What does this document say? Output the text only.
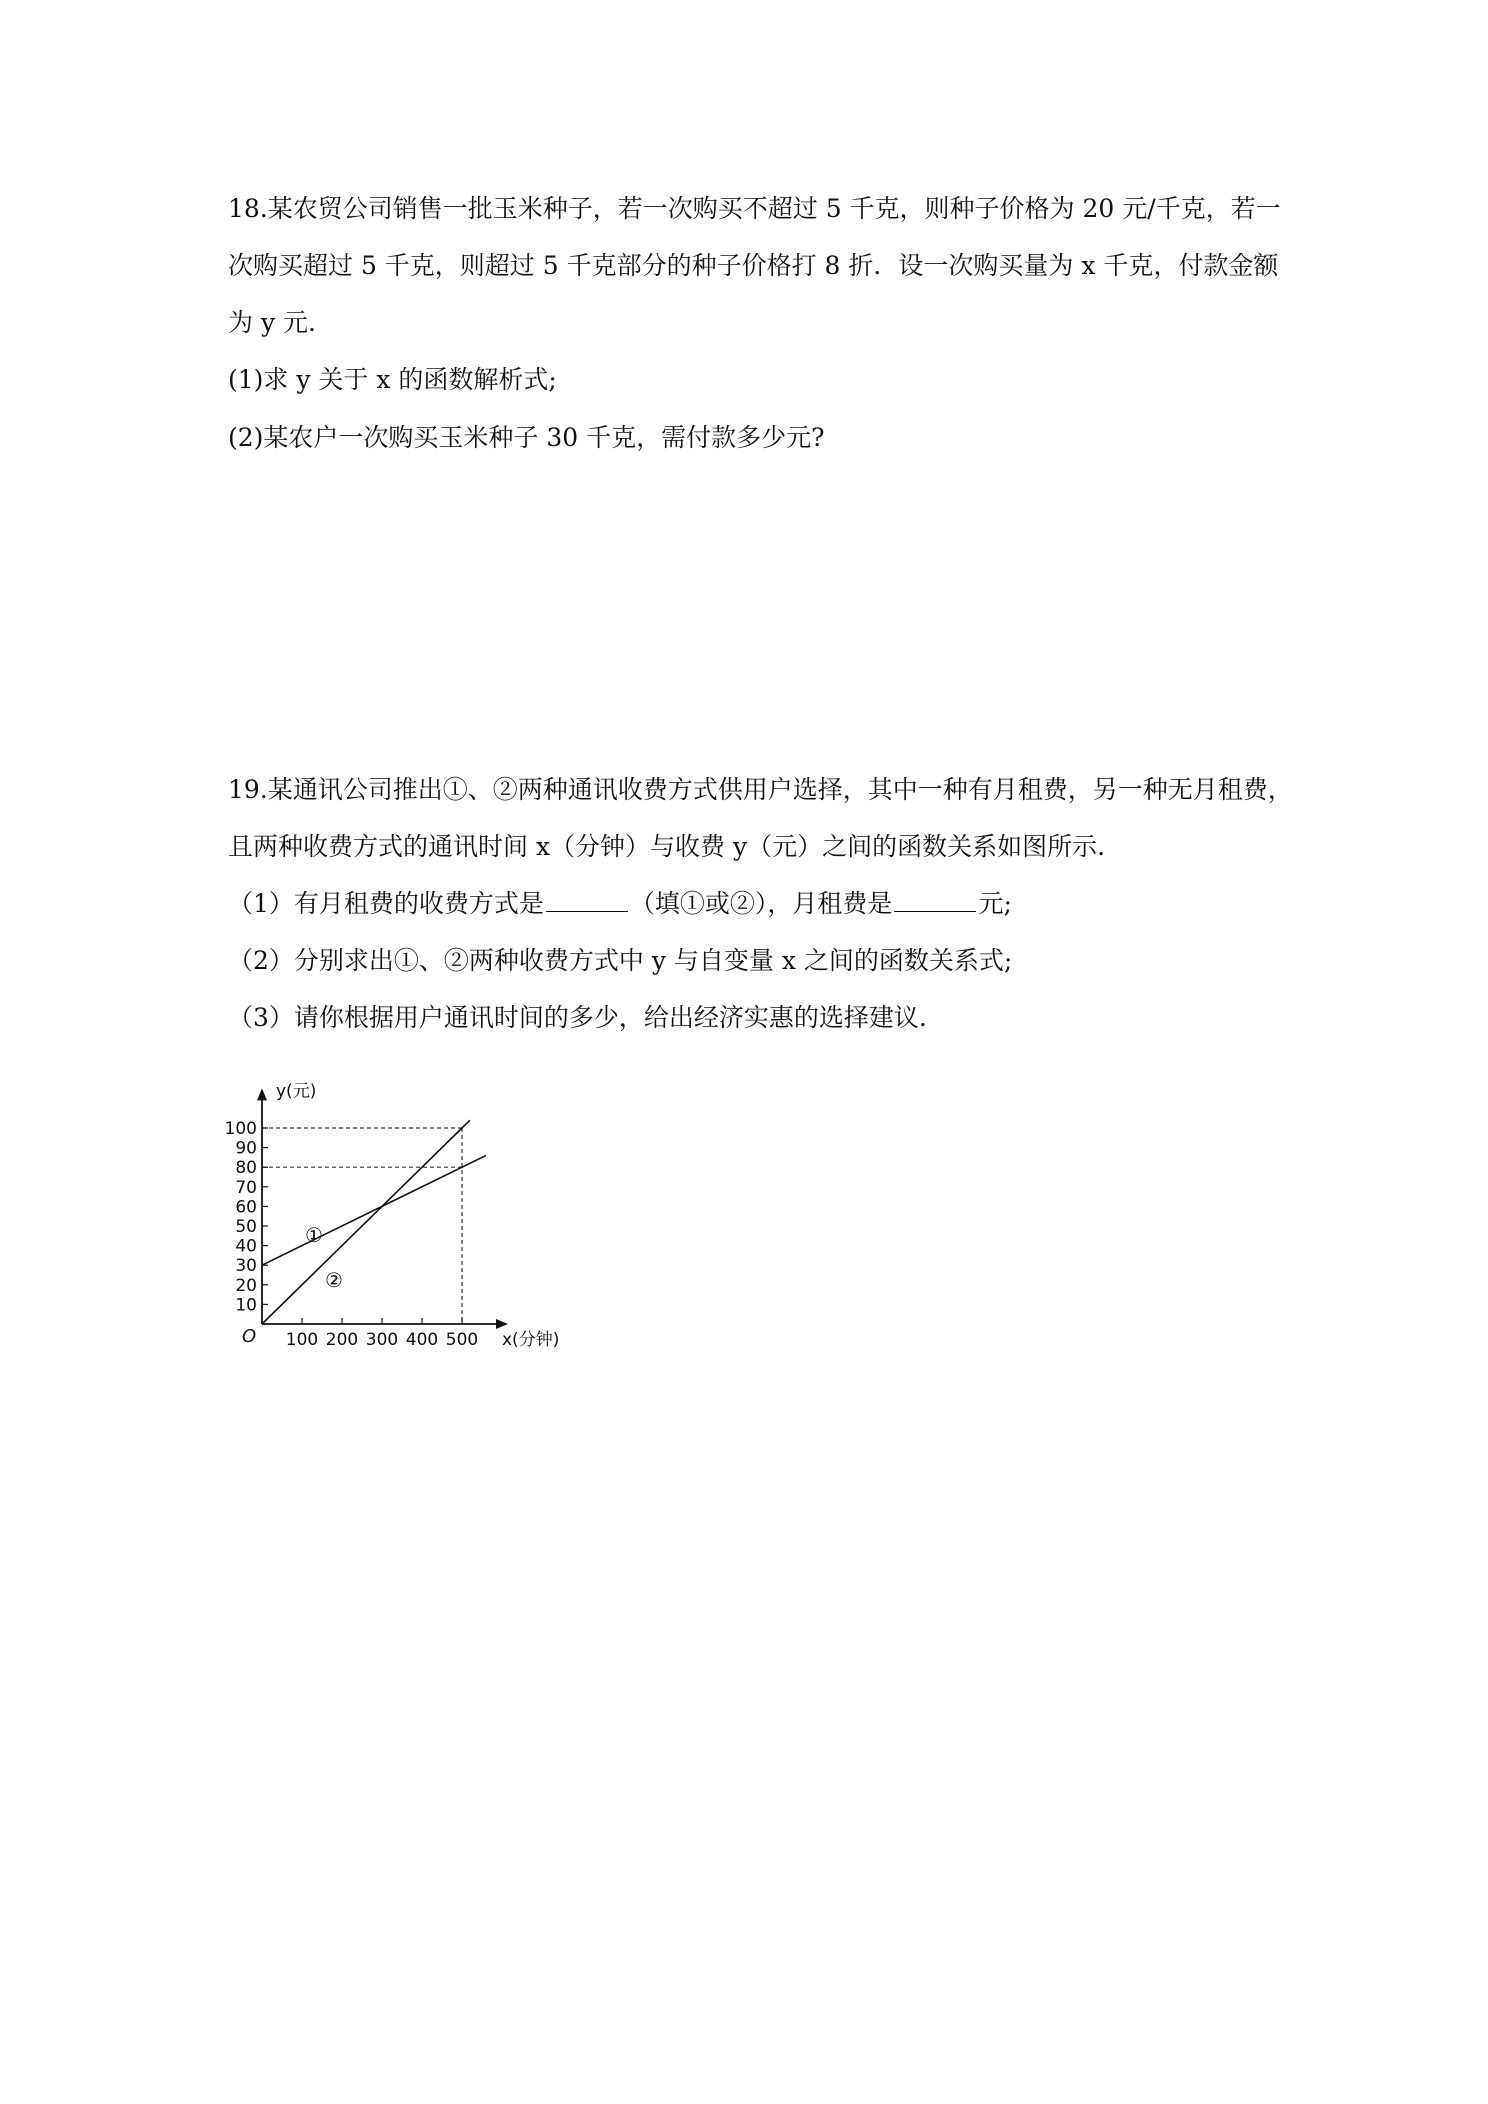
18.某农贸公司销售一批玉米种子，若一次购买不超过 5 千克，则种子价格为 20 元/千克，若一
次购买超过 5 千克，则超过 5 千克部分的种子价格打 8 折．设一次购买量为 x 千克，付款金额
为 y 元.
(1)求 y 关于 x 的函数解析式;
(2)某农户一次购买玉米种子 30 千克，需付款多少元?
19.某通讯公司推出①、②两种通讯收费方式供用户选择，其中一种有月租费，另一种无月租费，
且两种收费方式的通讯时间 x（分钟）与收费 y（元）之间的函数关系如图所示.
（1）有月租费的收费方式是	（填①或②），月租费是	元;
（2）分别求出①、②两种收费方式中 y 与自变量 x 之间的函数关系式;
（3）请你根据用户通讯时间的多少，给出经济实惠的选择建议.
①
②
10
20
30
40
50
60
70
80
90
100
100 200 300 400 500
y(元)
x(分钟)
O
